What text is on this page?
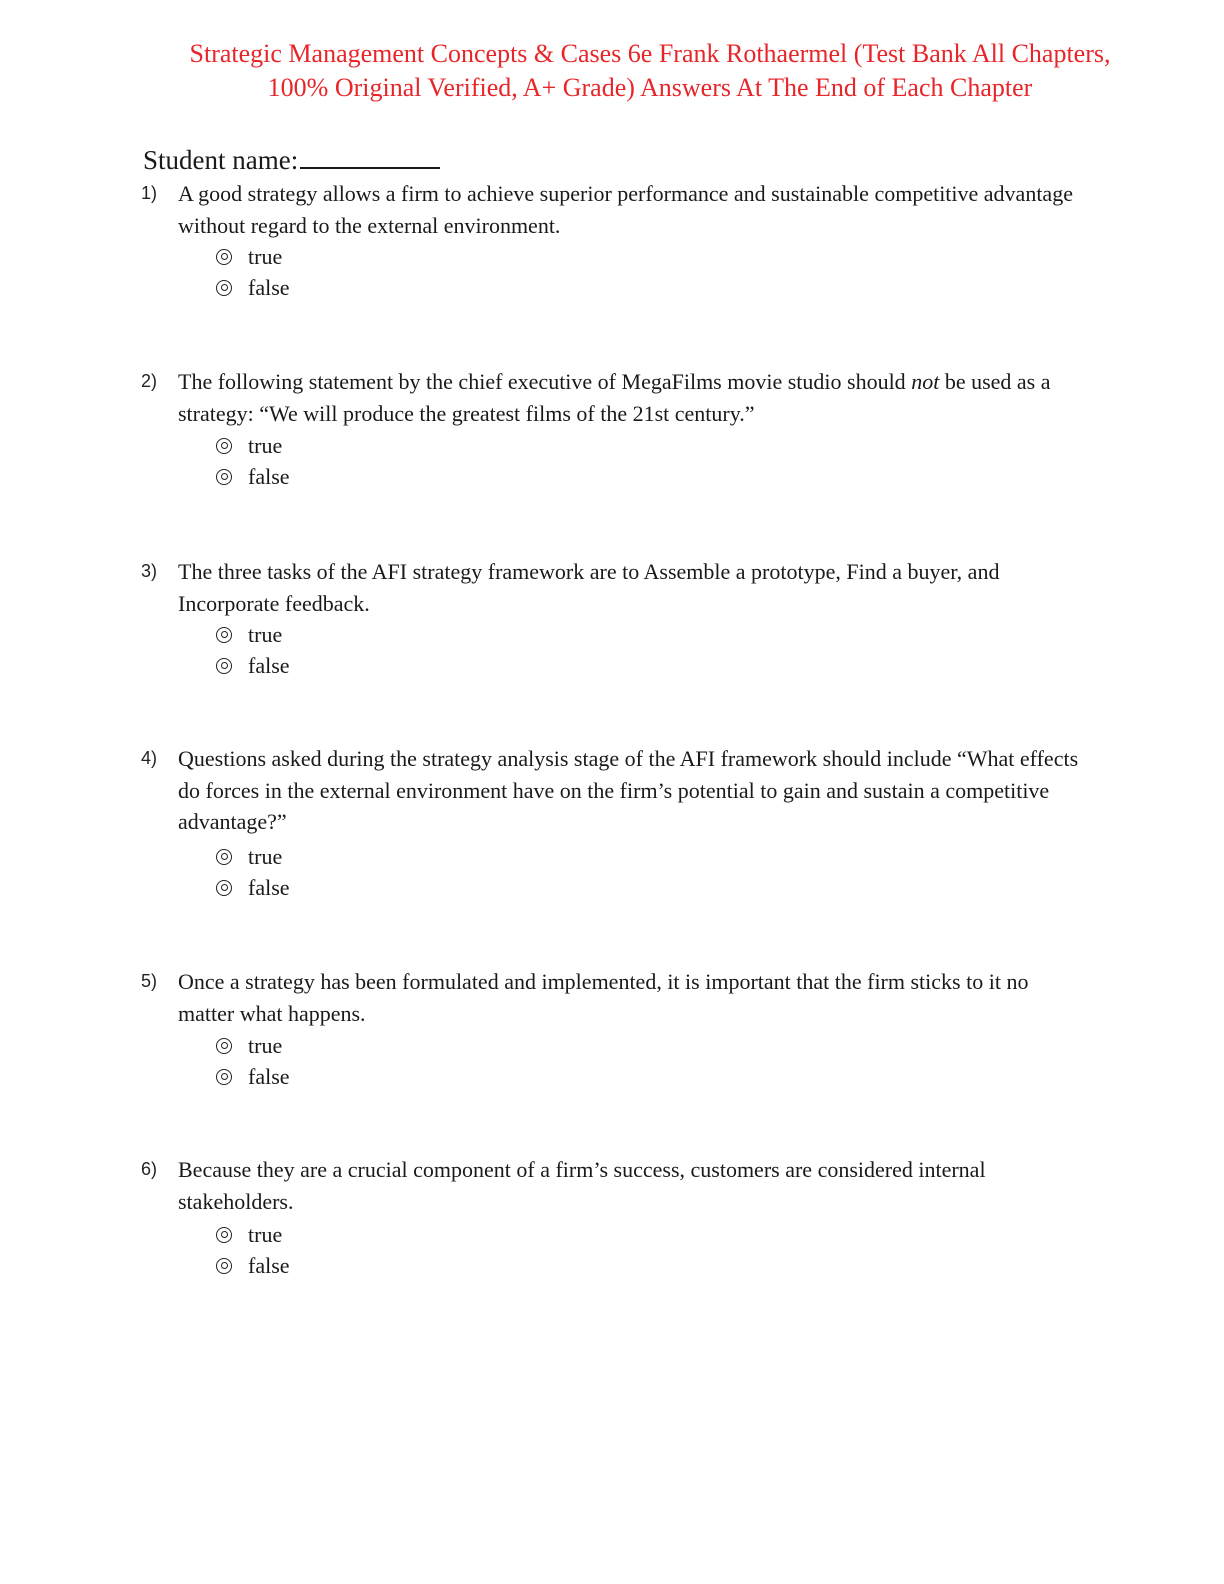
Strategic Management Concepts & Cases 6e Frank Rothaermel (Test Bank All Chapters,
100% Original Verified, A+ Grade) Answers At The End of Each Chapter
Student name:
1) A good strategy allows a firm to achieve superior performance and sustainable competitive advantage without regard to the external environment.
true
false
2) The following statement by the chief executive of MegaFilms movie studio should not be used as a strategy: “We will produce the greatest films of the 21st century.”
true
false
3) The three tasks of the AFI strategy framework are to Assemble a prototype, Find a buyer, and Incorporate feedback.
true
false
4) Questions asked during the strategy analysis stage of the AFI framework should include “What effects do forces in the external environment have on the firm’s potential to gain and sustain a competitive advantage?”
true
false
5) Once a strategy has been formulated and implemented, it is important that the firm sticks to it no matter what happens.
true
false
6) Because they are a crucial component of a firm’s success, customers are considered internal stakeholders.
true
false
